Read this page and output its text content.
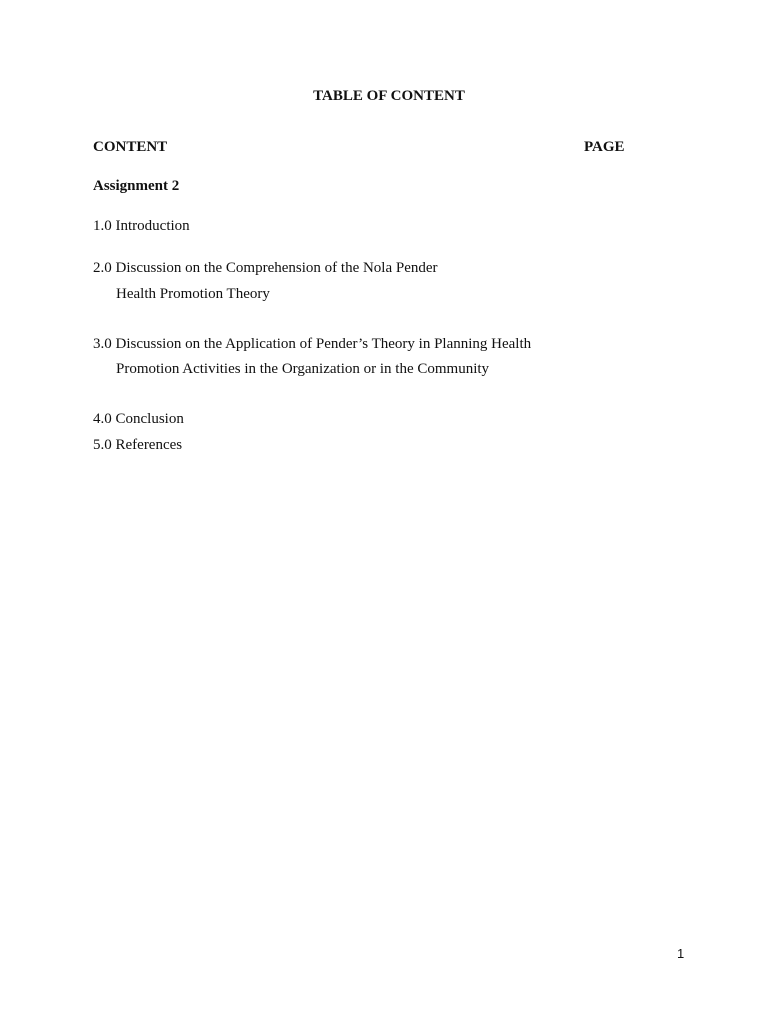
TABLE OF CONTENT
CONTENT	PAGE
Assignment 2
1.0 Introduction
2.0 Discussion on the Comprehension of the Nola Pender
Health Promotion Theory
3.0 Discussion on the Application of Pender’s Theory in Planning Health
Promotion Activities in the Organization or in the Community
4.0 Conclusion
5.0 References
1
